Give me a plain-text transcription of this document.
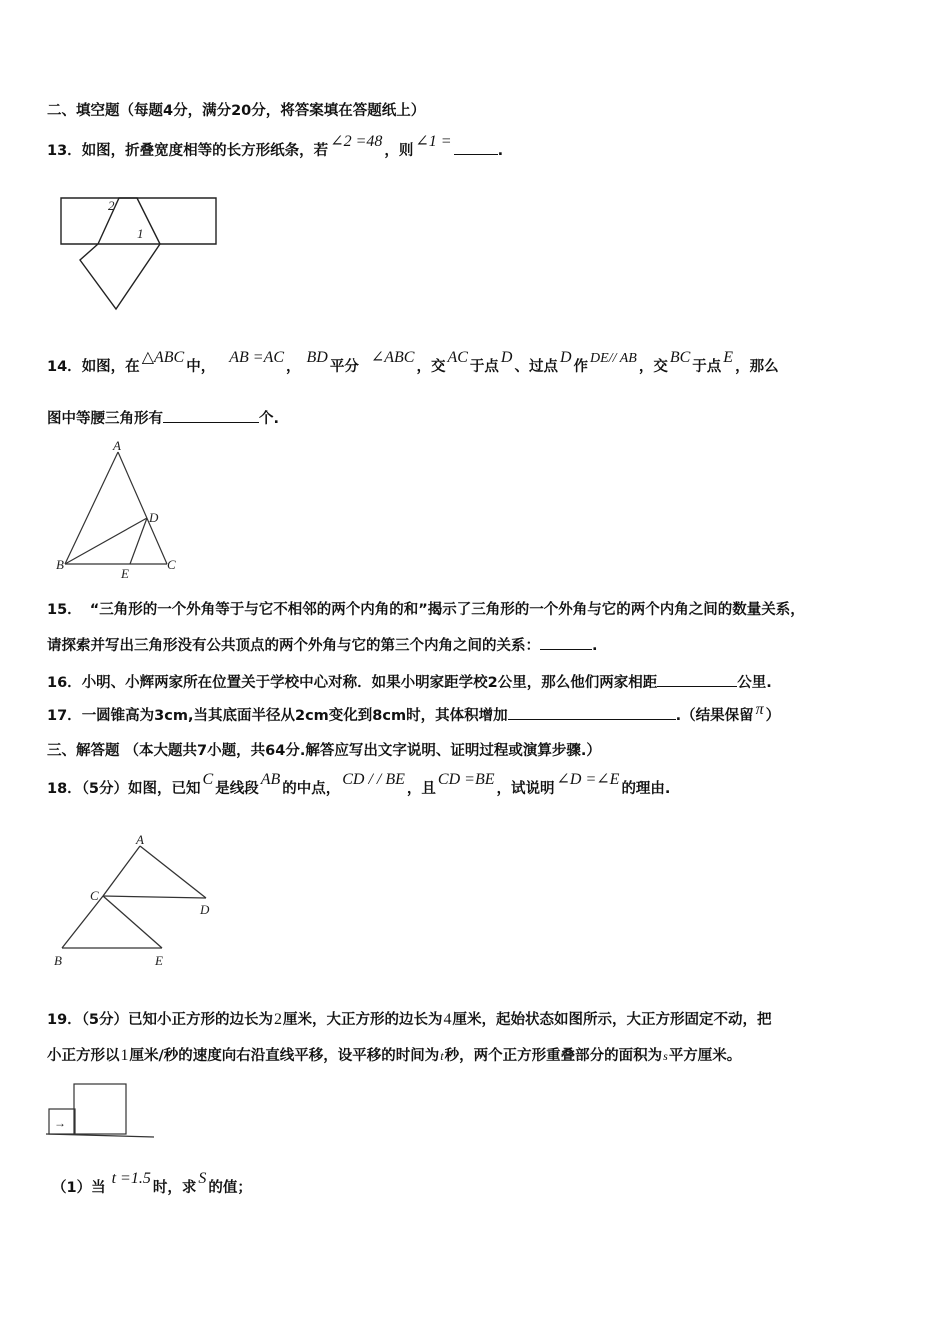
二、填空题（每题4分，满分20分，将答案填在答题纸上）
13．如图，折叠宽度相等的长方形纸条，若∠2 =48，则∠1 =.
2
1
14．如图，在△ABC中，AB =AC，BD平分∠ABC，交AC于点D、过点D作DE// AB，交BC于点E，那么
图中等腰三角形有	个.
A
B	C
D
E
15． “三角形的一个外角等于与它不相邻的两个内角的和”揭示了三角形的一个外角与它的两个内角之间的数量关系，
请探索并写出三角形没有公共顶点的两个外角与它的第三个内角之间的关系：	.
16．小明、小辉两家所在位置关于学校中心对称．如果小明家距学校2公里，那么他们两家相距	公里.
17．一圆锥高为3cm,当其底面半径从2cm变化到8cm时，其体积增加	.（结果保留 π ）
三、解答题 （本大题共7小题，共64分.解答应写出文字说明、证明过程或演算步骤.）
18．（5分）如图，已知C是线段AB的中点，CD / / BE，且CD =BE，试说明∠D =∠E的理由.
A
C
D
B	E
19．（5分）已知小正方形的边长为2厘米，大正方形的边长为4厘米，起始状态如图所示，大正方形固定不动，把
小正方形以1厘米/秒的速度向右沿直线平移，设平移的时间为t秒，两个正方形重叠部分的面积为s平方厘米。
→
（1）当t =1.5时，求S的值；
